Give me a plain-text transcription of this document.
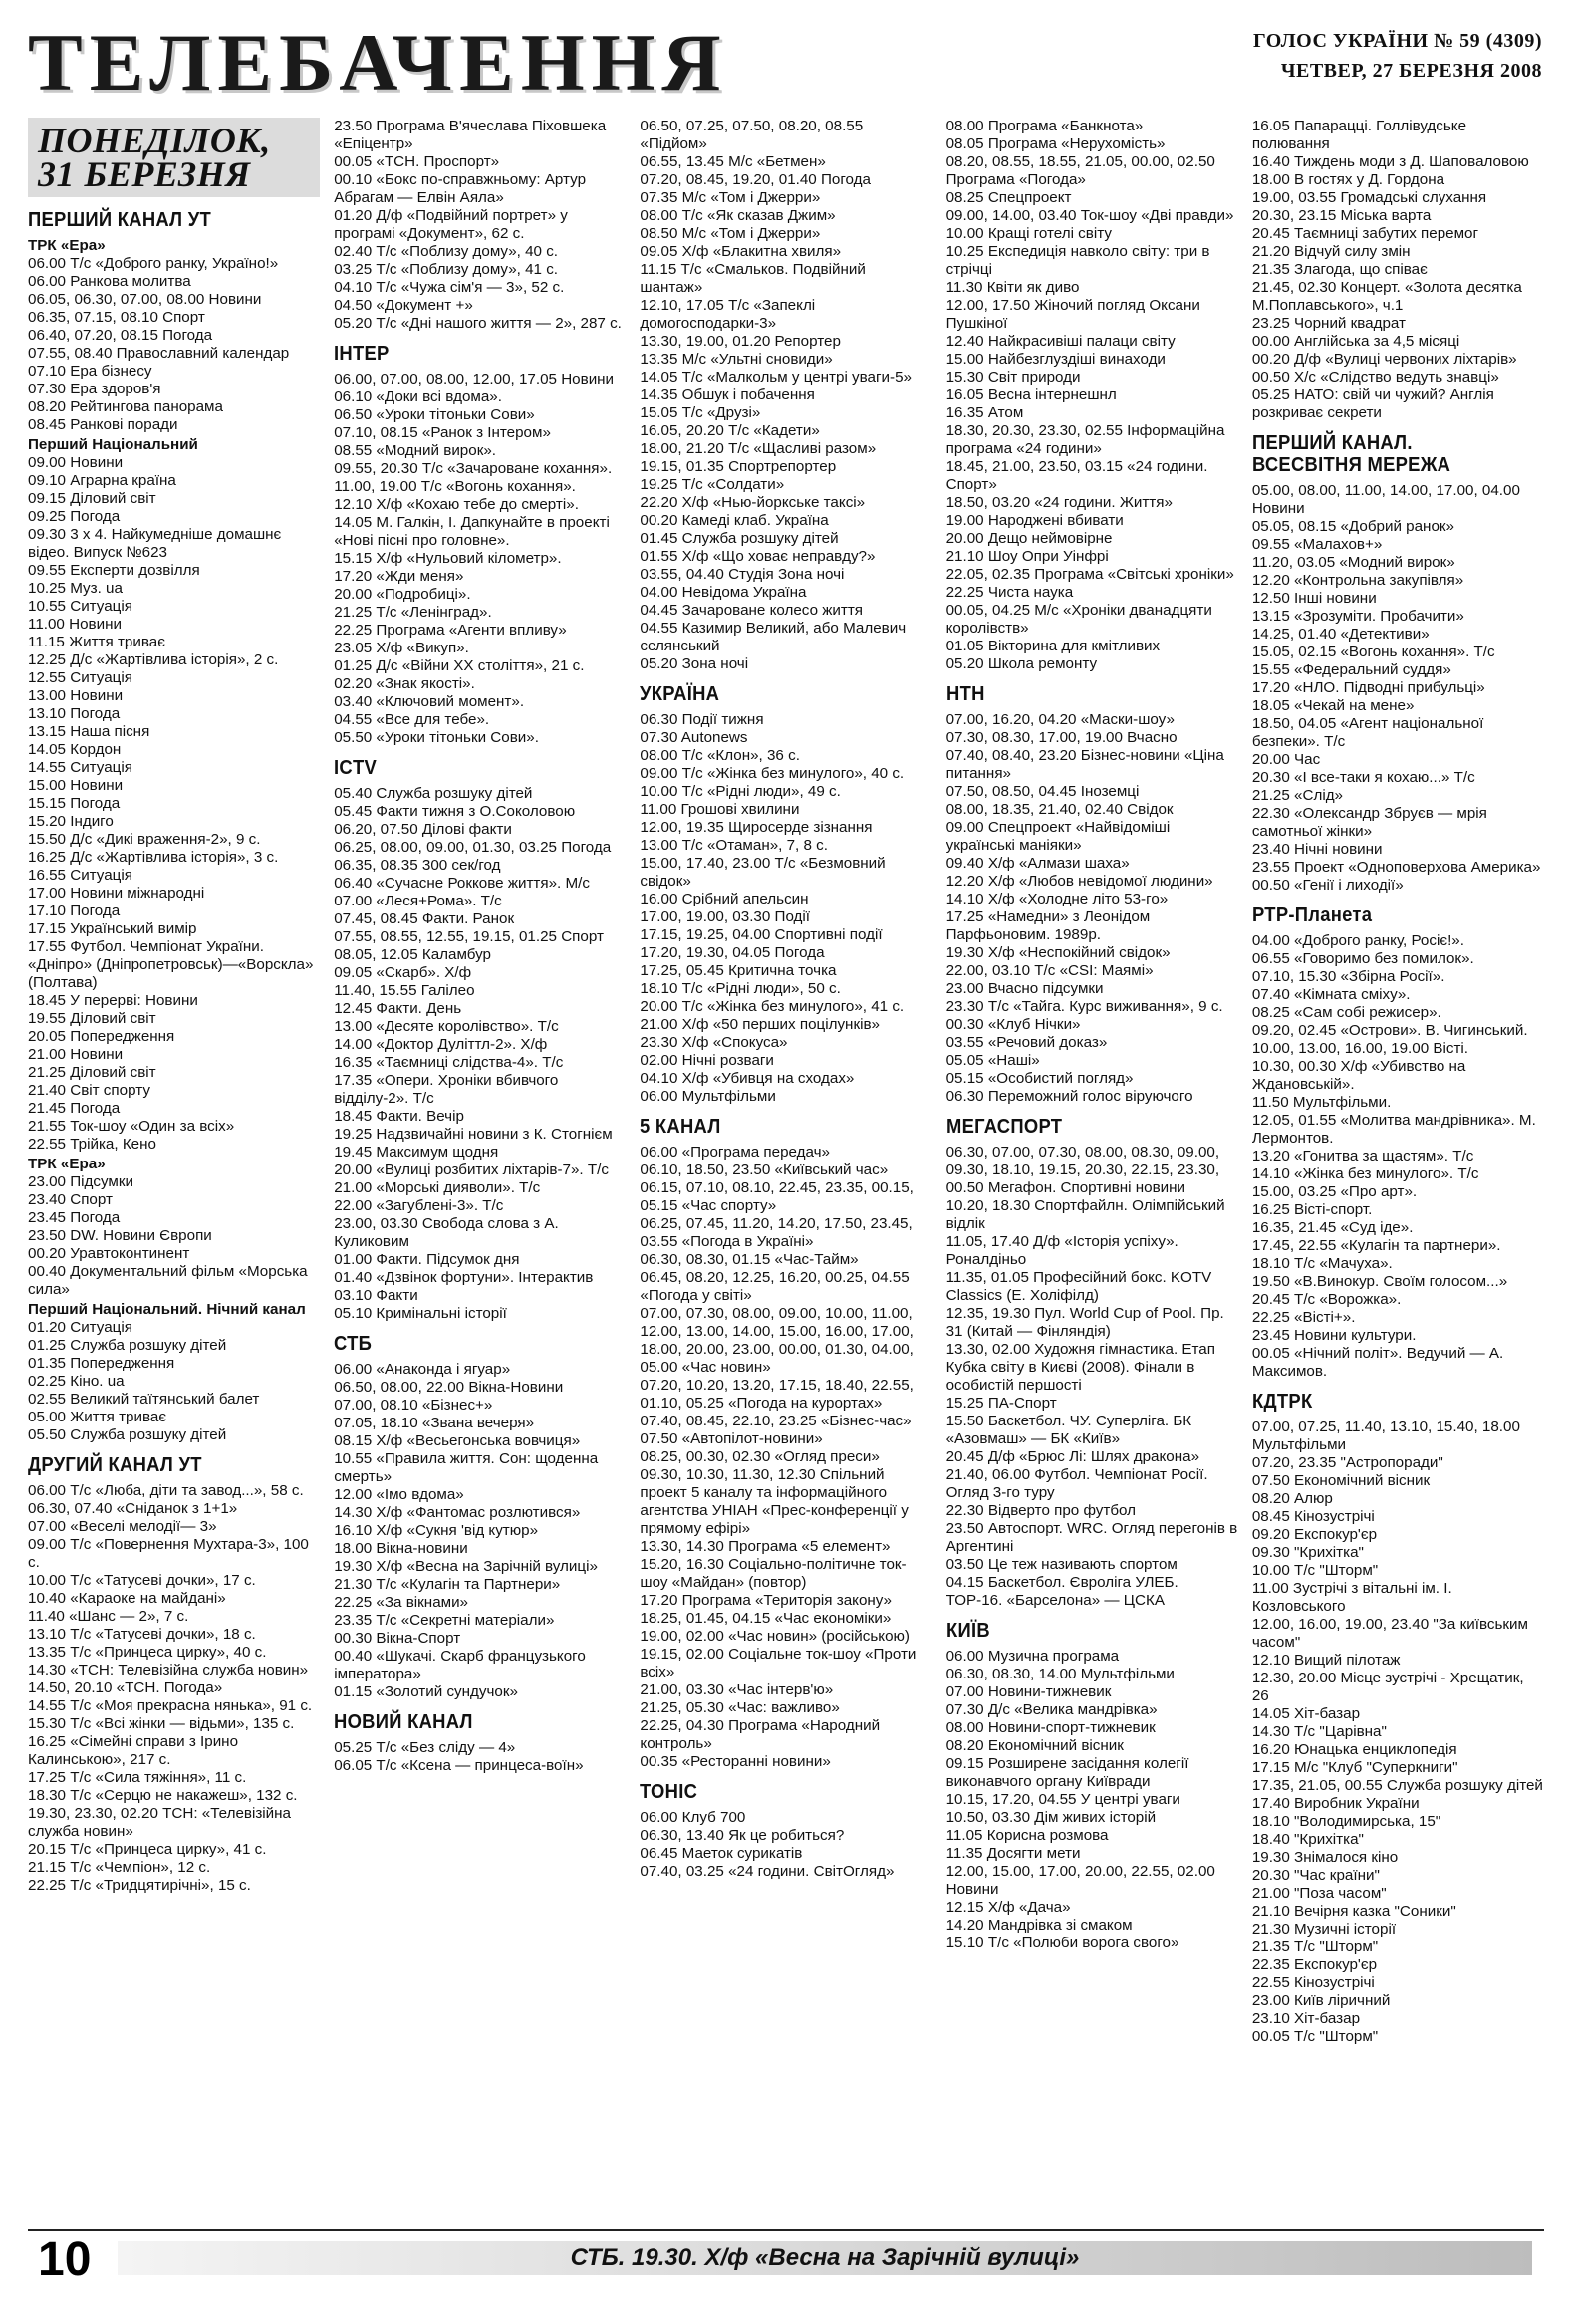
ТЕЛЕБАЧЕННЯ	ГОЛОС УКРАЇНИ № 59 (4309)
ЧЕТВЕР, 27 БЕРЕЗНЯ 2008
ПОНЕДІЛОК, 31 БЕРЕЗНЯ
ПЕРШИЙ КАНАЛ УТ
ТРК «Ера»
06.00 Т/с «Доброго ранку, Україно!»
06.00 Ранкова молитва
06.05, 06.30, 07.00, 08.00 Новини
06.35, 07.15, 08.10 Спорт
06.40, 07.20, 08.15 Погода
07.55, 08.40 Православний календар
07.10 Ера бізнесу
07.30 Ера здоров'я
08.20 Рейтингова панорама
08.45 Ранкові поради
Перший Національний
09.00 Новини
09.10 Аграрна країна
09.15 Діловий світ
09.25 Погода
09.30 3 х 4. Найкумедніше домашнє відео. Випуск №623
09.55 Експерти дозвілля
10.25 Муз. ua
10.55 Ситуація
11.00 Новини
11.15 Життя триває
12.25 Д/с «Жартівлива історія», 2 с.
12.55 Ситуація
13.00 Новини
13.10 Погода
13.15 Наша пісня
14.05 Кордон
14.55 Ситуація
15.00 Новини
15.15 Погода
15.20 Індиго
15.50 Д/с «Дикі враження-2», 9 с.
16.25 Д/с «Жартівлива історія», 3 с.
16.55 Ситуація
17.00 Новини міжнародні
17.10 Погода
17.15 Український вимір
17.55 Футбол. Чемпіонат України. «Дніпро» (Дніпропетровськ)—«Ворскла» (Полтава)
18.45 У перерві: Новини
19.55 Діловий світ
20.05 Попередження
21.00 Новини
21.25 Діловий світ
21.40 Світ спорту
21.45 Погода
21.55 Ток-шоу «Один за всіх»
22.55 Трійка, Кено
ТРК «Ера»
23.00 Підсумки
23.40 Спорт
23.45 Погода
23.50 DW. Новини Європи
00.20 Уравтоконтинент
00.40 Документальний фільм «Морська сила»
Перший Національний. Нічний канал
01.20 Ситуація
01.25 Служба розшуку дітей
01.35 Попередження
02.25 Кіно. ua
02.55 Великий таїтянський балет
05.00 Життя триває
05.50 Служба розшуку дітей
ДРУГИЙ КАНАЛ УТ
06.00 Т/с «Люба, діти та завод...», 58 с.
06.30, 07.40 «Сніданок з 1+1»
07.00 «Веселі мелодії— 3»
09.00 Т/с «Повернення Мухтара-3», 100 с.
10.00 Т/с «Татусеві дочки», 17 с.
10.40 «Караоке на майдані»
11.40 «Шанс — 2», 7 с.
13.10 Т/с «Татусеві дочки», 18 с.
13.35 Т/с «Принцеса цирку», 40 с.
14.30 «ТСН: Телевізійна служба новин»
14.50, 20.10 «ТСН. Погода»
14.55 Т/с «Моя прекрасна нянька», 91 с.
15.30 Т/с «Всі жінки — відьми», 135 с.
16.25 «Сімейні справи з Ірино Калинською», 217 с.
17.25 Т/с «Сила тяжіння», 11 с.
18.30 Т/с «Серцю не накажеш», 132 с.
19.30, 23.30, 02.20 ТСН: «Телевізійна служба новин»
20.15 Т/с «Принцеса цирку», 41 с.
21.15 Т/с «Чемпіон», 12 с.
22.25 Т/с «Тридцятирічні», 15 с.
23.50 Програма В'ячеслава Піховшека «Епіцентр»
00.05 «ТСН. Проспорт»
00.10 «Бокс по-справжньому: Артур Абрагам — Елвін Аяла»
01.20 Д/ф «Подвійний портрет» у програмі «Документ», 62 с.
02.40 Т/с «Поблизу дому», 40 с.
03.25 Т/с «Поблизу дому», 41 с.
04.10 Т/с «Чужа сім'я — 3», 52 с.
04.50 «Документ +»
05.20 Т/с «Дні нашого життя — 2», 287 с.
ІНТЕР
06.00, 07.00, 08.00, 12.00, 17.05 Новини
06.10 «Доки всі вдома».
06.50 «Уроки тітоньки Сови»
07.10, 08.15 «Ранок з Інтером»
08.55 «Модний вирок».
09.55, 20.30 Т/с «Зачароване кохання».
11.00, 19.00 Т/с «Вогонь кохання».
12.10 Х/ф «Кохаю тебе до смерті».
14.05 М. Галкін, І. Дапкунайте в проекті «Нові пісні про головне».
15.15 Х/ф «Нульовий кілометр».
17.20 «Жди меня»
20.00 «Подробиці».
21.25 Т/с «Ленінград».
22.25 Програма «Агенти впливу»
23.05 Х/ф «Викуп».
01.25 Д/с «Війни XX століття», 21 с.
02.20 «Знак якості».
03.40 «Ключовий момент».
04.55 «Все для тебе».
05.50 «Уроки тітоньки Сови».
ICTV
05.40 Служба розшуку дітей
05.45 Факти тижня з О.Соколовою
06.20, 07.50 Ділові факти
06.25, 08.00, 09.00, 01.30, 03.25 Погода
06.35, 08.35 300 сек/год
06.40 «Сучасне Роккове життя». М/с
07.00 «Леся+Рома». Т/с
07.45, 08.45 Факти. Ранок
07.55, 08.55, 12.55, 19.15, 01.25 Спорт
08.05, 12.05 Каламбур
09.05 «Скарб». Х/ф
11.40, 15.55 Галілео
12.45 Факти. День
13.00 «Десяте королівство». Т/с
14.00 «Доктор Дуліттл-2». Х/ф
16.35 «Таємниці слідства-4». Т/с
17.35 «Опери. Хроніки вбивчого відділу-2». Т/с
18.45 Факти. Вечір
19.25 Надзвичайні новини з К. Стогнієм
19.45 Максимум щодня
20.00 «Вулиці розбитих ліхтарів-7». Т/с
21.00 «Морські дияволи». Т/с
22.00 «Загублені-3». Т/с
23.00, 03.30 Свобода слова з А. Куликовим
01.00 Факти. Підсумок дня
01.40 «Дзвінок фортуни». Інтерактив
03.10 Факти
05.10 Кримінальні історії
СТБ
06.00 «Анаконда і ягуар»
06.50, 08.00, 22.00 Вікна-Новини
07.00, 08.10 «Бізнес+»
07.05, 18.10 «Звана вечеря»
08.15 Х/ф «Весьегонська вовчиця»
10.55 «Правила життя. Сон: щоденна смерть»
12.00 «Імо вдома»
14.30 Х/ф «Фантомас розлютився»
16.10 Х/ф «Сукня 'від кутюр»
18.00 Вікна-новини
19.30 Х/ф «Весна на Зарічній вулиці»
21.30 Т/с «Кулагін та Партнери»
22.25 «За вікнами»
23.35 Т/с «Секретні матеріали»
00.30 Вікна-Спорт
00.40 «Шукачі. Скарб французького імператора»
01.15 «Золотий сундучок»
НОВИЙ КАНАЛ
05.25 Т/с «Без сліду — 4»
06.05 Т/с «Ксена — принцеса-воїн»
06.50, 07.25, 07.50, 08.20, 08.55 «Підйом»
06.55, 13.45 М/с «Бетмен»
07.20, 08.45, 19.20, 01.40 Погода
07.35 М/с «Том і Джерри»
08.00 Т/с «Як сказав Джим»
08.50 М/с «Том і Джерри»
09.05 Х/ф «Блакитна хвиля»
11.15 Т/с «Смальков. Подвійний шантаж»
12.10, 17.05 Т/с «Запеклі домогосподарки-3»
13.30, 19.00, 01.20 Репортер
13.35 М/с «Ультні сновиди»
14.05 Т/с «Малкольм у центрі уваги-5»
14.35 Обшук і побачення
15.05 Т/с «Друзі»
16.05, 20.20 Т/с «Кадети»
18.00, 21.20 Т/с «Щасливі разом»
19.15, 01.35 Спортрепортер
19.25 Т/с «Солдати»
22.20 Х/ф «Нью-йоркське таксі»
00.20 Камеді клаб. Україна
01.45 Служба розшуку дітей
01.55 Х/ф «Що ховає неправду?»
03.55, 04.40 Студія Зона ночі
04.00 Невідома Україна
04.45 Зачароване колесо життя
04.55 Казимир Великий, або Малевич селянський
05.20 Зона ночі
УКРАЇНА
06.30 Події тижня
07.30 Autonews
08.00 Т/с «Клон», 36 с.
09.00 Т/с «Жінка без минулого», 40 с.
10.00 Т/с «Рідні люди», 49 с.
11.00 Грошові хвилини
12.00, 19.35 Щиросерде зізнання
13.00 Т/с «Отаман», 7, 8 с.
15.00, 17.40, 23.00 Т/с «Безмовний свідок»
16.00 Срібний апельсин
17.00, 19.00, 03.30 Події
17.15, 19.25, 04.00 Спортивні події
17.20, 19.30, 04.05 Погода
17.25, 05.45 Критична точка
18.10 Т/с «Рідні люди», 50 с.
20.00 Т/с «Жінка без минулого», 41 с.
21.00 Х/ф «50 перших поцілунків»
23.30 Х/ф «Спокуса»
02.00 Нічні розваги
04.10 Х/ф «Убивця на сходах»
06.00 Мультфільми
5 КАНАЛ
06.00 «Програма передач»
06.10, 18.50, 23.50 «Київський час»
06.15, 07.10, 08.10, 22.45, 23.35, 00.15, 05.15 «Час спорту»
06.25, 07.45, 11.20, 14.20, 17.50, 23.45, 03.55 «Погода в Україні»
06.30, 08.30, 01.15 «Час-Тайм»
06.45, 08.20, 12.25, 16.20, 00.25, 04.55 «Погода у світі»
07.00, 07.30, 08.00, 09.00, 10.00, 11.00, 12.00, 13.00, 14.00, 15.00, 16.00, 17.00, 18.00, 20.00, 23.00, 00.00, 01.30, 04.00, 05.00 «Час новин»
07.20, 10.20, 13.20, 17.15, 18.40, 22.55, 01.10, 05.25 «Погода на курортах»
07.40, 08.45, 22.10, 23.25 «Бізнес-час»
07.50 «Автопілот-новини»
08.25, 00.30, 02.30 «Огляд преси»
09.30, 10.30, 11.30, 12.30 Спільний проект 5 каналу та інформаційного агентства УНІАН «Прес-конференції у прямому ефірі»
13.30, 14.30 Програма «5 елемент»
15.20, 16.30 Соціально-політичне ток-шоу «Майдан» (повтор)
17.20 Програма «Територія закону»
18.25, 01.45, 04.15 «Час економіки»
19.00, 02.00 «Час новин» (російською)
19.15, 02.00 Соціальне ток-шоу «Проти всіх»
21.00, 03.30 «Час інтерв'ю»
21.25, 05.30 «Час: важливо»
22.25, 04.30 Програма «Народний контроль»
00.35 «Ресторанні новини»
ТОНІС
06.00 Клуб 700
06.30, 13.40 Як це робиться?
06.45 Маеток сурикатів
07.40, 03.25 «24 години. СвітОгляд»
08.00 Програма «Банкнота»
08.05 Програма «Нерухомість»
08.20, 08.55, 18.55, 21.05, 00.00, 02.50 Програма «Погода»
08.25 Спецпроект
09.00, 14.00, 03.40 Ток-шоу «Дві правди»
10.00 Кращі готелі світу
10.25 Експедиція навколо світу: три в стрічці
11.30 Квіти як диво
12.00, 17.50 Жіночий погляд Оксани Пушкіної
12.40 Найкрасивіші палаци світу
15.00 Найбезглуздіші винаходи
15.30 Світ природи
16.05 Весна інтернешнл
16.35 Атом
18.30, 20.30, 23.30, 02.55 Інформаційна програма «24 години»
18.45, 21.00, 23.50, 03.15 «24 години. Спорт»
18.50, 03.20 «24 години. Життя»
19.00 Народжені вбивати
20.00 Дещо неймовірне
21.10 Шоу Опри Уінфрі
22.05, 02.35 Програма «Світські хроніки»
22.25 Чиста наука
00.05, 04.25 М/с «Хроніки дванадцяти королівств»
01.05 Вікторина для кмітливих
05.20 Школа ремонту
НТН
07.00, 16.20, 04.20 «Маски-шоу»
07.30, 08.30, 17.00, 19.00 Вчасно
07.40, 08.40, 23.20 Бізнес-новини «Ціна питання»
07.50, 08.50, 04.45 Іноземці
08.00, 18.35, 21.40, 02.40 Свідок
09.00 Спецпроект «Найвідоміші українські маніяки»
09.40 Х/ф «Алмази шаха»
12.20 Х/ф «Любов невідомої людини»
14.10 Х/ф «Холодне літо 53-го»
17.25 «Намедни» з Леонідом Парфьоновим. 1989р.
19.30 Х/ф «Неспокійний свідок»
22.00, 03.10 Т/с «CSI: Маямі»
23.00 Вчасно підсумки
23.30 Т/с «Тайга. Курс виживання», 9 с.
00.30 «Клуб Нічки»
03.55 «Речовий доказ»
05.05 «Наші»
05.15 «Особистий погляд»
06.30 Переможний голос віруючого
МЕГАСПОРТ
06.30, 07.00, 07.30, 08.00, 08.30, 09.00, 09.30, 18.10, 19.15, 20.30, 22.15, 23.30, 00.50 Мегафон. Спортивні новини
10.20, 18.30 Спортфайлн. Олімпійський відлік
11.05, 17.40 Д/ф «Історія успіху». Роналдіньо
11.35, 01.05 Професійний бокс. KOTV Classics (Е. Холіфілд)
12.35, 19.30 Пул. World Cup of Pool. Пр. 31 (Китай — Фінляндія)
13.30, 02.00 Художня гімнастика. Етап Кубка світу в Києві (2008). Фінали в особистій першості
15.25 ПА-Спорт
15.50 Баскетбол. ЧУ. Суперліга. БК «Азовмаш» — БК «Київ»
20.45 Д/ф «Брюс Лі: Шлях дракона»
21.40, 06.00 Футбол. Чемпіонат Росії. Огляд 3-го туру
22.30 Відверто про футбол
23.50 Автоспорт. WRC. Огляд перегонів в Аргентині
03.50 Це теж називають спортом
04.15 Баскетбол. Євроліга УЛЕБ. ТОР-16. «Барселона» — ЦСКА
КИЇВ
06.00 Музична програма
06.30, 08.30, 14.00 Мультфільми
07.00 Новини-тижневик
07.30 Д/с «Велика мандрівка»
08.00 Новини-спорт-тижневик
08.20 Економічний вісник
09.15 Розширене засідання колегії виконавчого органу Київради
10.15, 17.20, 04.55 У центрі уваги
10.50, 03.30 Дім живих історій
11.05 Корисна розмова
11.35 Досягти мети
12.00, 15.00, 17.00, 20.00, 22.55, 02.00 Новини
12.15 Х/ф «Дача»
14.20 Мандрівка зі смаком
15.10 Т/с «Полюби ворога свого»
16.05 Папарацці. Голлівудське полювання
16.40 Тиждень моди з Д. Шаповаловою
18.00 В гостях у Д. Гордона
19.00, 03.55 Громадські слухання
20.30, 23.15 Міська варта
20.45 Таємниці забутих перемог
21.20 Відчуй силу змін
21.35 Злагода, що співає
21.45, 02.30 Концерт. «Золота десятка М.Поплавського», ч.1
23.25 Чорний квадрат
00.00 Англійська за 4,5 місяці
00.20 Д/ф «Вулиці червоних ліхтарів»
00.50 Х/с «Слідство ведуть знавці»
05.25 НАТО: свій чи чужий? Англія розкриває секрети
ПЕРШИЙ КАНАЛ. ВСЕСВІТНЯ МЕРЕЖА
05.00, 08.00, 11.00, 14.00, 17.00, 04.00 Новини
05.05, 08.15 «Добрий ранок»
09.55 «Малахов+»
11.20, 03.05 «Модний вирок»
12.20 «Контрольна закупівля»
12.50 Інші новини
13.15 «Зрозуміти. Пробачити»
14.25, 01.40 «Детективи»
15.05, 02.15 «Вогонь кохання». Т/с
15.55 «Федеральний суддя»
17.20 «НЛО. Підводні прибульці»
18.05 «Чекай на мене»
18.50, 04.05 «Агент національної безпеки». Т/с
20.00 Час
20.30 «І все-таки я кохаю...» Т/с
21.25 «Слід»
22.30 «Олександр Збруєв — мрія самотньої жінки»
23.40 Нічні новини
23.55 Проект «Одноповерхова Америка»
00.50 «Генії і лиходії»
РТР-Планета
04.00 «Доброго ранку, Росіє!».
06.55 «Говоримо без помилок».
07.10, 15.30 «Збірна Росії».
07.40 «Кімната сміху».
08.25 «Сам собі режисер».
09.20, 02.45 «Острови». В. Чигинський.
10.00, 13.00, 16.00, 19.00 Вісті.
10.30, 00.30 Х/ф «Убивство на Ждановській».
11.50 Мультфільми.
12.05, 01.55 «Молитва мандрівника». М. Лермонтов.
13.20 «Гонитва за щастям». Т/с
14.10 «Жінка без минулого». Т/с
15.00, 03.25 «Про арт».
16.25 Вісті-спорт.
16.35, 21.45 «Суд іде».
17.45, 22.55 «Кулагін та партнери».
18.10 Т/с «Мачуха».
19.50 «В.Винокур. Своїм голосом...»
20.45 Т/с «Ворожка».
22.25 «Вісті+».
23.45 Новини культури.
00.05 «Нічний політ». Ведучий — А. Максимов.
КДТРК
07.00, 07.25, 11.40, 13.10, 15.40, 18.00 Мультфільми
07.20, 23.35 "Астропоради"
07.50 Економічний вісник
08.20 Алюр
08.45 Кінозустрічі
09.20 Експокур'єр
09.30 "Крихітка"
10.00 Т/с "Шторм"
11.00 Зустрічі з вітальні ім. І. Козловського
12.00, 16.00, 19.00, 23.40 "За київським часом"
12.10 Вищий пілотаж
12.30, 20.00 Місце зустрічі - Хрещатик, 26
14.05 Хіт-базар
14.30 Т/с "Царівна"
16.20 Юнацька енциклопедія
17.15 М/с "Клуб "Суперкниги"
17.35, 21.05, 00.55 Служба розшуку дітей
17.40 Виробник України
18.10 "Володимирська, 15"
18.40 "Крихітка"
19.30 Знімалося кіно
20.30 "Час країни"
21.00 "Поза часом"
21.10 Вечірня казка "Соники"
21.30 Музичні історії
21.35 Т/с "Шторм"
22.35 Експокур'єр
22.55 Кінозустрічі
23.00 Київ ліричний
23.10 Хіт-базар
00.05 Т/с "Шторм"
10	СТБ. 19.30. Х/ф «Весна на Зарічній вулиці»
